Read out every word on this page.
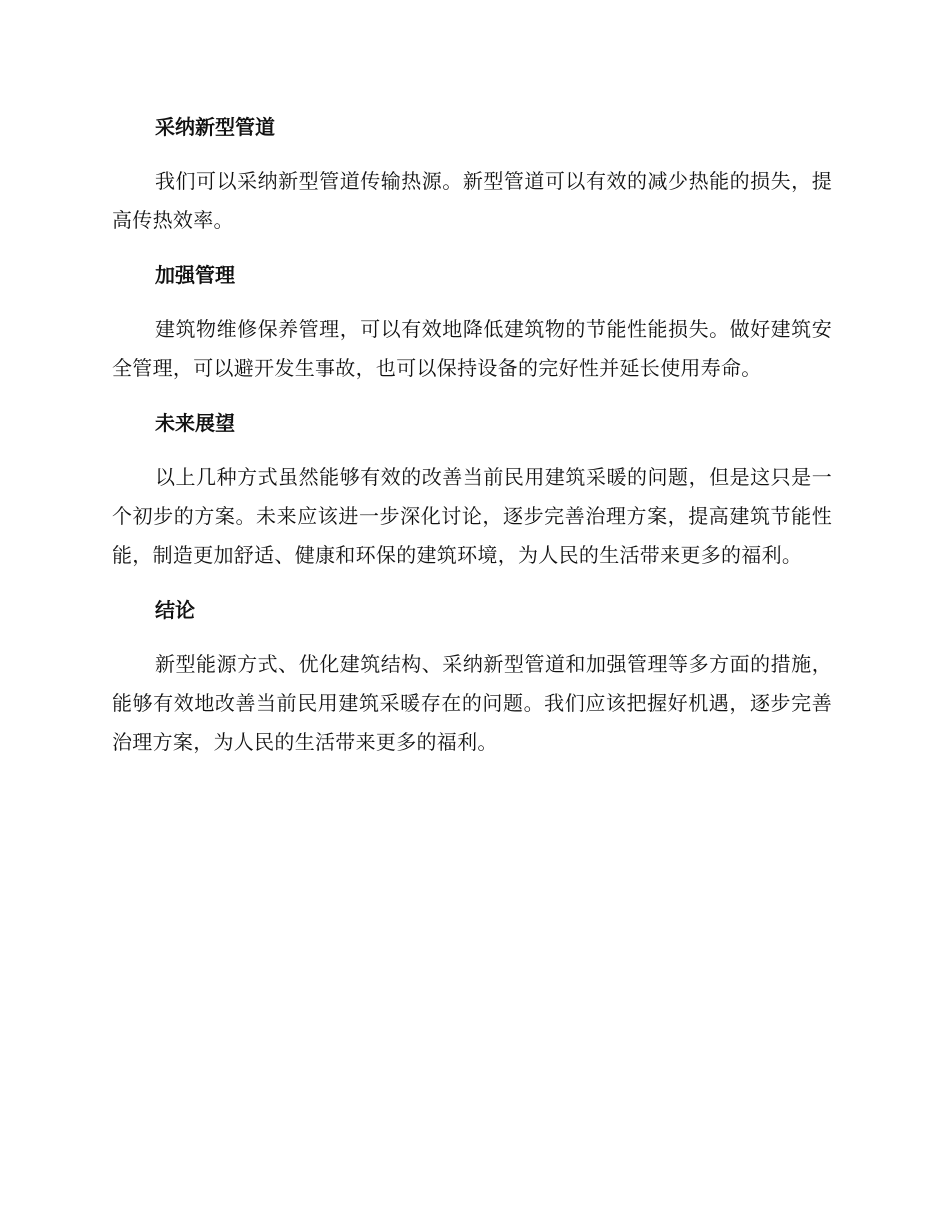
采纳新型管道

我们可以采纳新型管道传输热源。新型管道可以有效的减少热能的损失，提高传热效率。

加强管理

建筑物维修保养管理，可以有效地降低建筑物的节能性能损失。做好建筑安全管理，可以避开发生事故，也可以保持设备的完好性并延长使用寿命。

未来展望

以上几种方式虽然能够有效的改善当前民用建筑采暖的问题，但是这只是一个初步的方案。未来应该进一步深化讨论，逐步完善治理方案，提高建筑节能性能，制造更加舒适、健康和环保的建筑环境，为人民的生活带来更多的福利。

结论

新型能源方式、优化建筑结构、采纳新型管道和加强管理等多方面的措施，能够有效地改善当前民用建筑采暖存在的问题。我们应该把握好机遇，逐步完善治理方案，为人民的生活带来更多的福利。
